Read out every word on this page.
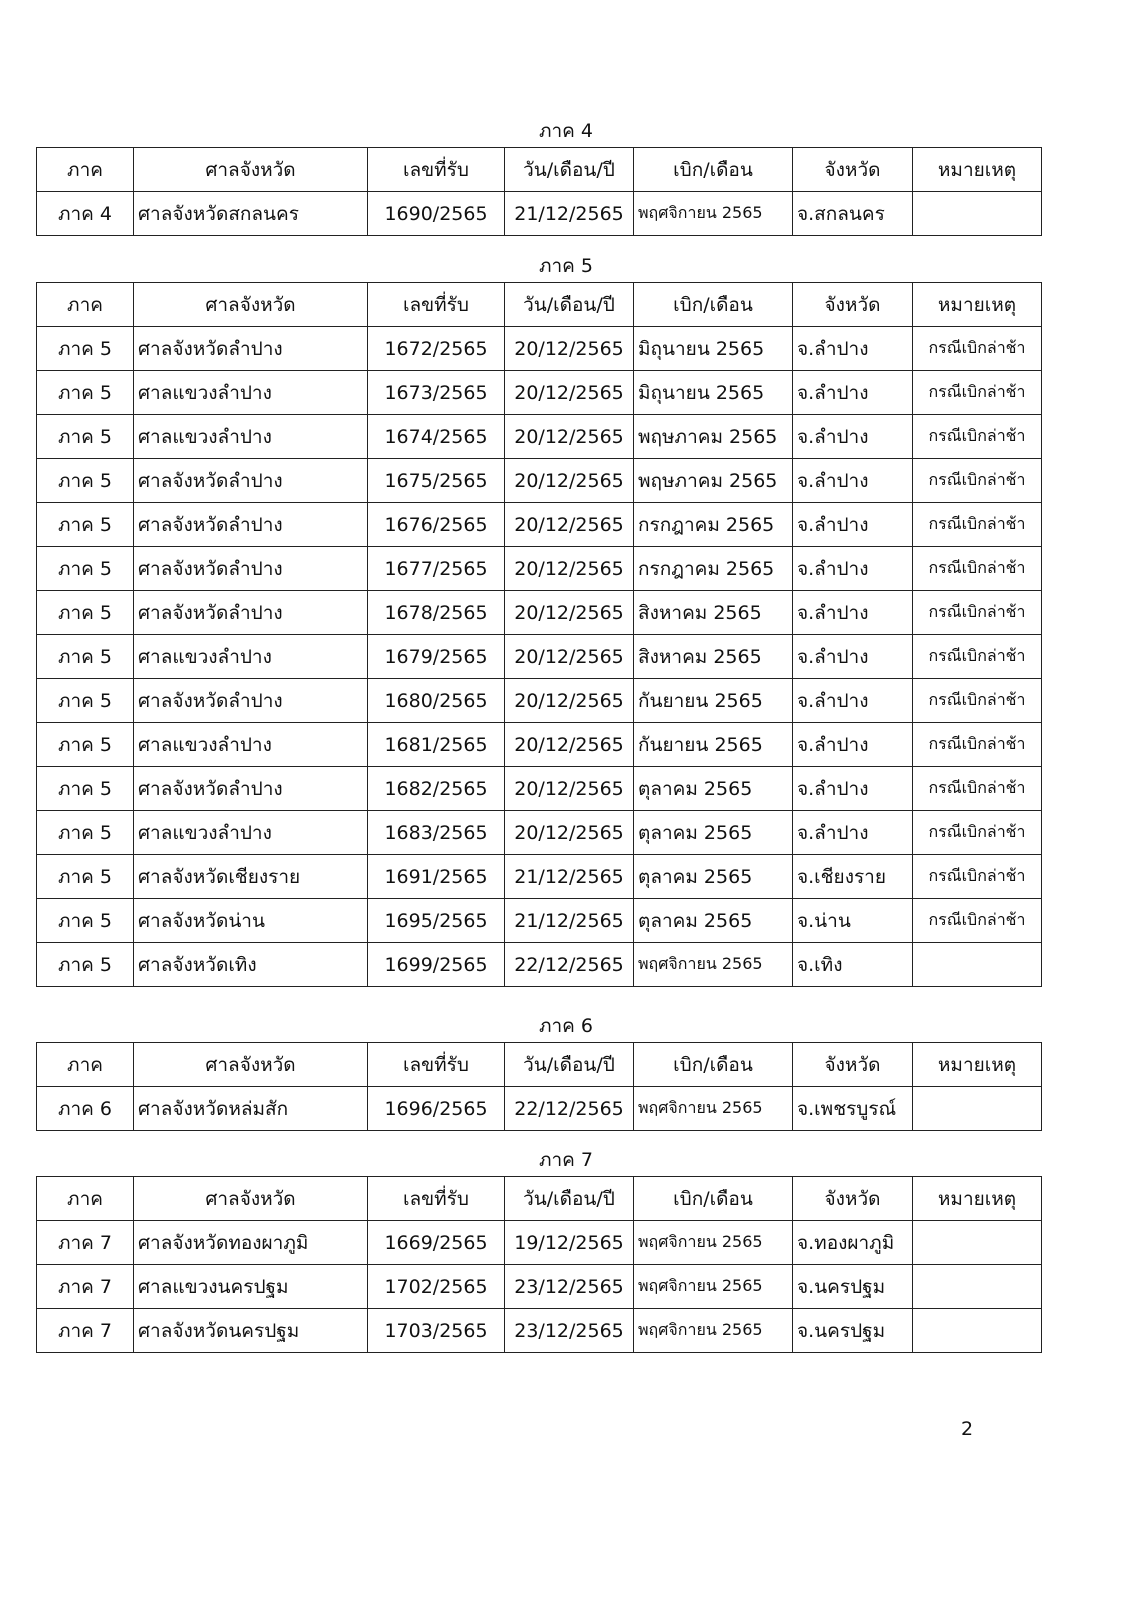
ภาค 4
ภาค	ศาลจังหวัด	เลขที่รับ	วัน/เดือน/ปี	เบิก/เดือน	จังหวัด	หมายเหตุ
ภาค 4	ศาลจังหวัดสกลนคร	1690/2565	21/12/2565	พฤศจิกายน 2565	จ.สกลนคร	
ภาค 5
ภาค	ศาลจังหวัด	เลขที่รับ	วัน/เดือน/ปี	เบิก/เดือน	จังหวัด	หมายเหตุ
ภาค 5	ศาลจังหวัดลำปาง	1672/2565	20/12/2565	มิถุนายน 2565	จ.ลำปาง	กรณีเบิกล่าช้า
ภาค 5	ศาลแขวงลำปาง	1673/2565	20/12/2565	มิถุนายน 2565	จ.ลำปาง	กรณีเบิกล่าช้า
ภาค 5	ศาลแขวงลำปาง	1674/2565	20/12/2565	พฤษภาคม 2565	จ.ลำปาง	กรณีเบิกล่าช้า
ภาค 5	ศาลจังหวัดลำปาง	1675/2565	20/12/2565	พฤษภาคม 2565	จ.ลำปาง	กรณีเบิกล่าช้า
ภาค 5	ศาลจังหวัดลำปาง	1676/2565	20/12/2565	กรกฎาคม 2565	จ.ลำปาง	กรณีเบิกล่าช้า
ภาค 5	ศาลจังหวัดลำปาง	1677/2565	20/12/2565	กรกฎาคม 2565	จ.ลำปาง	กรณีเบิกล่าช้า
ภาค 5	ศาลจังหวัดลำปาง	1678/2565	20/12/2565	สิงหาคม 2565	จ.ลำปาง	กรณีเบิกล่าช้า
ภาค 5	ศาลแขวงลำปาง	1679/2565	20/12/2565	สิงหาคม 2565	จ.ลำปาง	กรณีเบิกล่าช้า
ภาค 5	ศาลจังหวัดลำปาง	1680/2565	20/12/2565	กันยายน 2565	จ.ลำปาง	กรณีเบิกล่าช้า
ภาค 5	ศาลแขวงลำปาง	1681/2565	20/12/2565	กันยายน 2565	จ.ลำปาง	กรณีเบิกล่าช้า
ภาค 5	ศาลจังหวัดลำปาง	1682/2565	20/12/2565	ตุลาคม 2565	จ.ลำปาง	กรณีเบิกล่าช้า
ภาค 5	ศาลแขวงลำปาง	1683/2565	20/12/2565	ตุลาคม 2565	จ.ลำปาง	กรณีเบิกล่าช้า
ภาค 5	ศาลจังหวัดเชียงราย	1691/2565	21/12/2565	ตุลาคม 2565	จ.เชียงราย	กรณีเบิกล่าช้า
ภาค 5	ศาลจังหวัดน่าน	1695/2565	21/12/2565	ตุลาคม 2565	จ.น่าน	กรณีเบิกล่าช้า
ภาค 5	ศาลจังหวัดเทิง	1699/2565	22/12/2565	พฤศจิกายน 2565	จ.เทิง	
ภาค 6
ภาค	ศาลจังหวัด	เลขที่รับ	วัน/เดือน/ปี	เบิก/เดือน	จังหวัด	หมายเหตุ
ภาค 6	ศาลจังหวัดหล่มสัก	1696/2565	22/12/2565	พฤศจิกายน 2565	จ.เพชรบูรณ์	
ภาค 7
ภาค	ศาลจังหวัด	เลขที่รับ	วัน/เดือน/ปี	เบิก/เดือน	จังหวัด	หมายเหตุ
ภาค 7	ศาลจังหวัดทองผาภูมิ	1669/2565	19/12/2565	พฤศจิกายน 2565	จ.ทองผาภูมิ	
ภาค 7	ศาลแขวงนครปฐม	1702/2565	23/12/2565	พฤศจิกายน 2565	จ.นครปฐม	
ภาค 7	ศาลจังหวัดนครปฐม	1703/2565	23/12/2565	พฤศจิกายน 2565	จ.นครปฐม	
2
